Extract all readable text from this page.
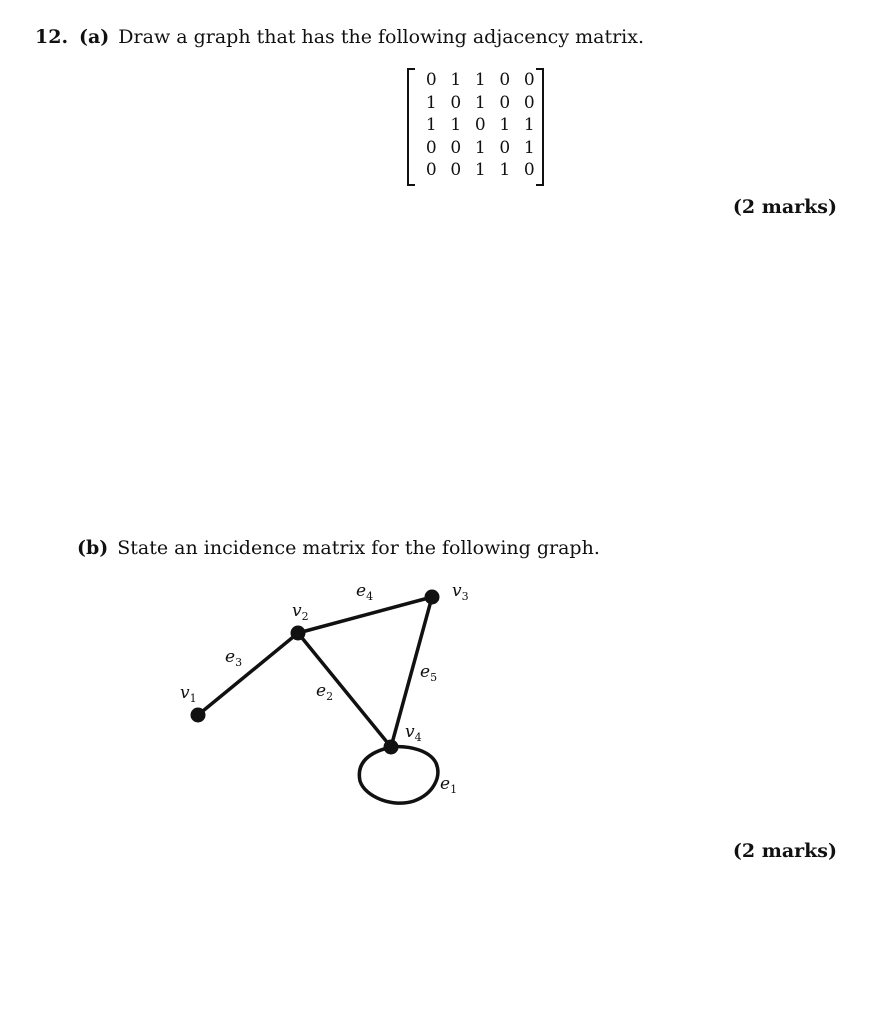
12. (a) Draw a graph that has the following adjacency matrix.
0 1 1 0 0
1 0 1 0 0
1 1 0 1 1
0 0 1 0 1
0 0 1 1 0
(2 marks)
(b) State an incidence matrix for the following graph.
$v_1$
$v_2$
$v_3$
$v_4$
$e_1$
$e_2$
$e_3$
$e_4$
$e_5$
(2 marks)
